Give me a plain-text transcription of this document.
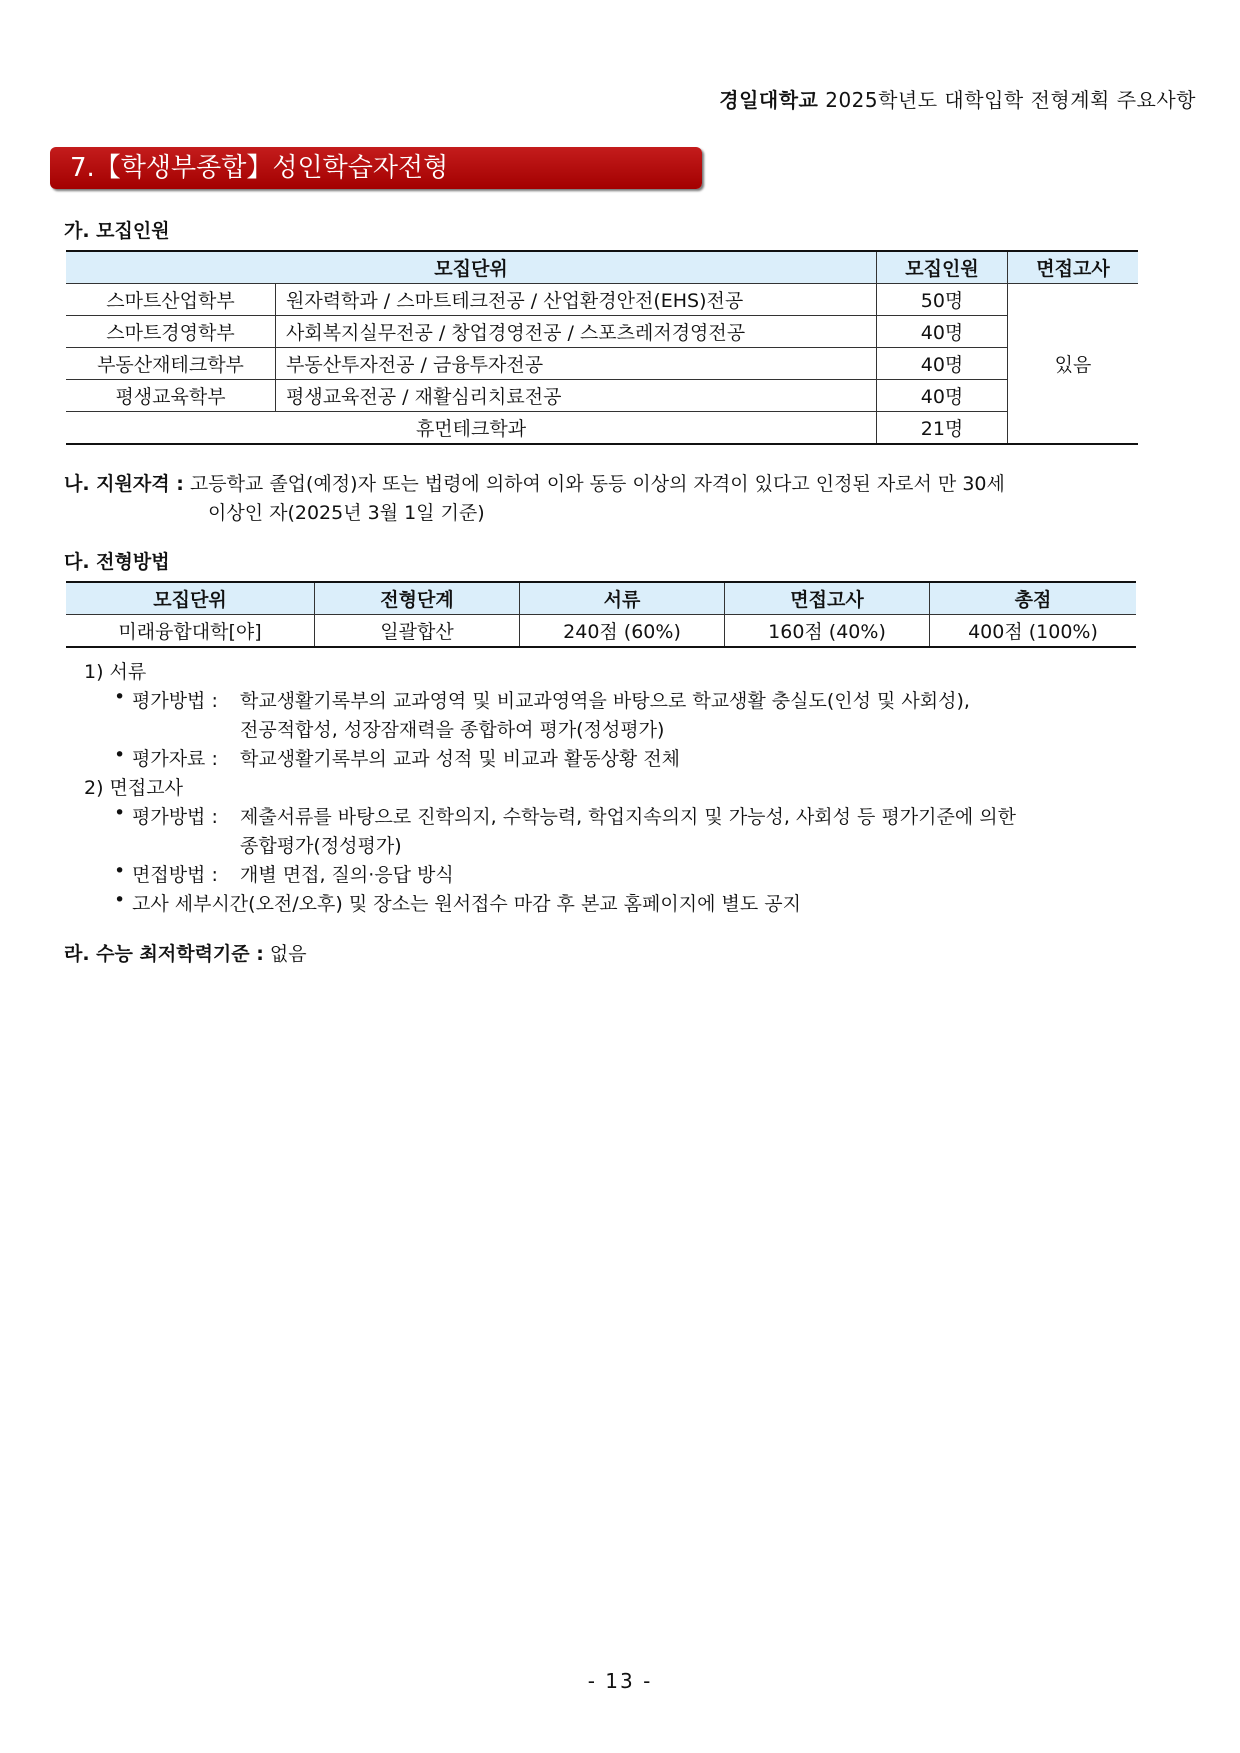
경일대학교 2025학년도 대학입학 전형계획 주요사항
7.【학생부종합】성인학습자전형
가. 모집인원
모집단위		모집인원	면접고사
스마트산업학부	원자력학과 / 스마트테크전공 / 산업환경안전(EHS)전공	50명	있음
스마트경영학부	사회복지실무전공 / 창업경영전공 / 스포츠레저경영전공	40명	
부동산재테크학부	부동산투자전공 / 금융투자전공	40명	
평생교육학부	평생교육전공 / 재활심리치료전공	40명	
휴먼테크학과		21명	
나. 지원자격 : 고등학교 졸업(예정)자 또는 법령에 의하여 이와 동등 이상의 자격이 있다고 인정된 자로서 만 30세
이상인 자(2025년 3월 1일 기준)
다. 전형방법
모집단위	전형단계	서류	면접고사	총점
미래융합대학[야]	일괄합산	240점 (60%)	160점 (40%)	400점 (100%)
1) 서류
• 평가방법 : 학교생활기록부의 교과영역 및 비교과영역을 바탕으로 학교생활 충실도(인성 및 사회성),
전공적합성, 성장잠재력을 종합하여 평가(정성평가)
• 평가자료 : 학교생활기록부의 교과 성적 및 비교과 활동상황 전체
2) 면접고사
• 평가방법 : 제출서류를 바탕으로 진학의지, 수학능력, 학업지속의지 및 가능성, 사회성 등 평가기준에 의한
종합평가(정성평가)
• 면접방법 : 개별 면접, 질의·응답 방식
• 고사 세부시간(오전/오후) 및 장소는 원서접수 마감 후 본교 홈페이지에 별도 공지
라. 수능 최저학력기준 : 없음
- 13 -
